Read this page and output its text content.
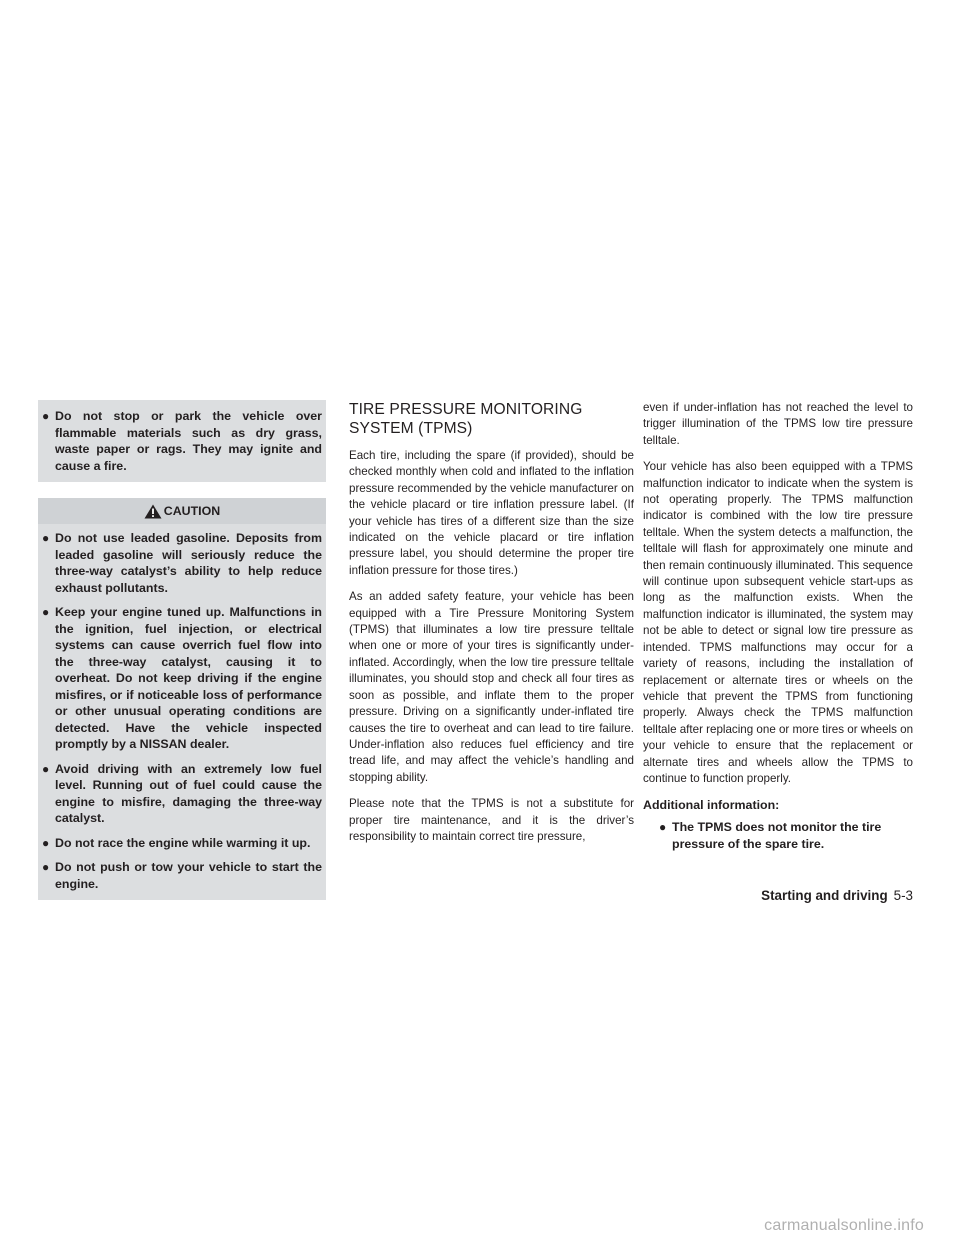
● Do not stop or park the vehicle over flammable materials such as dry grass, waste paper or rags. They may ignite and cause a fire.
CAUTION
● Do not use leaded gasoline. Deposits from leaded gasoline will seriously reduce the three-way catalyst’s ability to help reduce exhaust pollutants.
● Keep your engine tuned up. Malfunctions in the ignition, fuel injection, or electrical systems can cause overrich fuel flow into the three-way catalyst, causing it to overheat. Do not keep driving if the engine misfires, or if noticeable loss of performance or other unusual operating conditions are detected. Have the vehicle inspected promptly by a NISSAN dealer.
● Avoid driving with an extremely low fuel level. Running out of fuel could cause the engine to misfire, damaging the three-way catalyst.
● Do not race the engine while warming it up.
● Do not push or tow your vehicle to start the engine.
TIRE PRESSURE MONITORING SYSTEM (TPMS)

Each tire, including the spare (if provided), should be checked monthly when cold and inflated to the inflation pressure recommended by the vehicle manufacturer on the vehicle placard or tire inflation pressure label. (If your vehicle has tires of a different size than the size indicated on the vehicle placard or tire inflation pressure label, you should determine the proper tire inflation pressure for those tires.)

As an added safety feature, your vehicle has been equipped with a Tire Pressure Monitoring System (TPMS) that illuminates a low tire pressure telltale when one or more of your tires is significantly under-inflated. Accordingly, when the low tire pressure telltale illuminates, you should stop and check all four tires as soon as possible, and inflate them to the proper pressure. Driving on a significantly under-inflated tire causes the tire to overheat and can lead to tire failure. Under-inflation also reduces fuel efficiency and tire tread life, and may affect the vehicle’s handling and stopping ability.

Please note that the TPMS is not a substitute for proper tire maintenance, and it is the driver’s responsibility to maintain correct tire pressure,

even if under-inflation has not reached the level to trigger illumination of the TPMS low tire pressure telltale.

Your vehicle has also been equipped with a TPMS malfunction indicator to indicate when the system is not operating properly. The TPMS malfunction indicator is combined with the low tire pressure telltale. When the system detects a malfunction, the telltale will flash for approximately one minute and then remain continuously illuminated. This sequence will continue upon subsequent vehicle start-ups as long as the malfunction exists. When the malfunction indicator is illuminated, the system may not be able to detect or signal low tire pressure as intended. TPMS malfunctions may occur for a variety of reasons, including the installation of replacement or alternate tires or wheels on the vehicle that prevent the TPMS from functioning properly. Always check the TPMS malfunction telltale after replacing one or more tires or wheels on your vehicle to ensure that the replacement or alternate tires and wheels allow the TPMS to continue to function properly.

Additional information:

● The TPMS does not monitor the tire pressure of the spare tire.
Starting and driving 5-3
carmanualsonline.info
